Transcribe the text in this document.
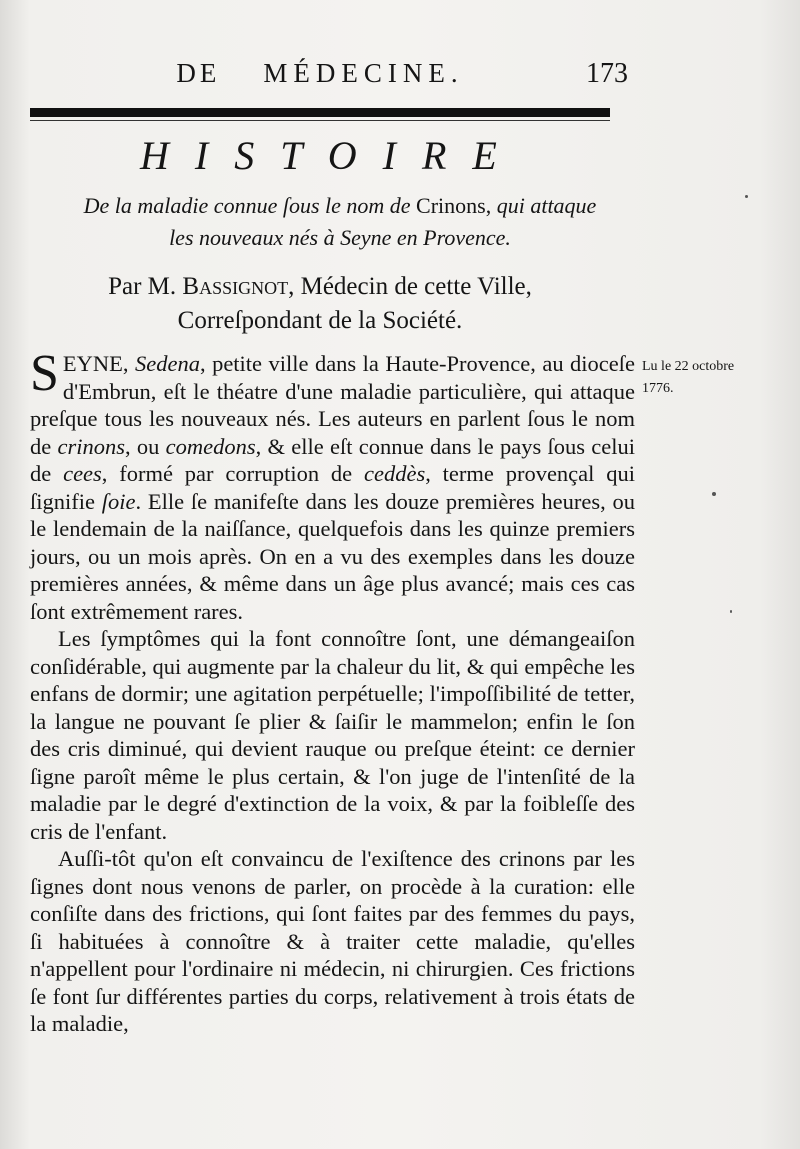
DE MÉDECINE.	173
HISTOIRE
De la maladie connue ſous le nom de Crinons, qui attaque
les nouveaux nés à Seyne en Provence.
Par M. Bassignot, Médecin de cette Ville,
Correſpondant de la Société.
Lu le 22 octobre
1776.

SEYNE, Sedena, petite ville dans la Haute-Provence, au dioceſe d'Embrun, eſt le théatre d'une maladie particulière, qui attaque preſque tous les nouveaux nés. Les auteurs en parlent ſous le nom de crinons, ou comedons, & elle eſt connue dans le pays ſous celui de cees, formé par corruption de ceddès, terme provençal qui ſignifie ſoie. Elle ſe manifeſte dans les douze premières heures, ou le lendemain de la naiſſance, quelquefois dans les quinze premiers jours, ou un mois après. On en a vu des exemples dans les douze premières années, & même dans un âge plus avancé; mais ces cas ſont extrêmement rares.

Les ſymptômes qui la font connoître ſont, une démangeaiſon conſidérable, qui augmente par la chaleur du lit, & qui empêche les enfans de dormir; une agitation perpétuelle; l'impoſſibilité de tetter, la langue ne pouvant ſe plier & ſaiſir le mammelon; enfin le ſon des cris diminué, qui devient rauque ou preſque éteint: ce dernier ſigne paroît même le plus certain, & l'on juge de l'intenſité de la maladie par le degré d'extinction de la voix, & par la foibleſſe des cris de l'enfant.

Auſſi-tôt qu'on eſt convaincu de l'exiſtence des crinons par les ſignes dont nous venons de parler, on procède à la curation: elle conſiſte dans des frictions, qui ſont faites par des femmes du pays, ſi habituées à connoître & à traiter cette maladie, qu'elles n'appellent pour l'ordinaire ni médecin, ni chirurgien. Ces frictions ſe font ſur différentes parties du corps, relativement à trois états de la maladie,
